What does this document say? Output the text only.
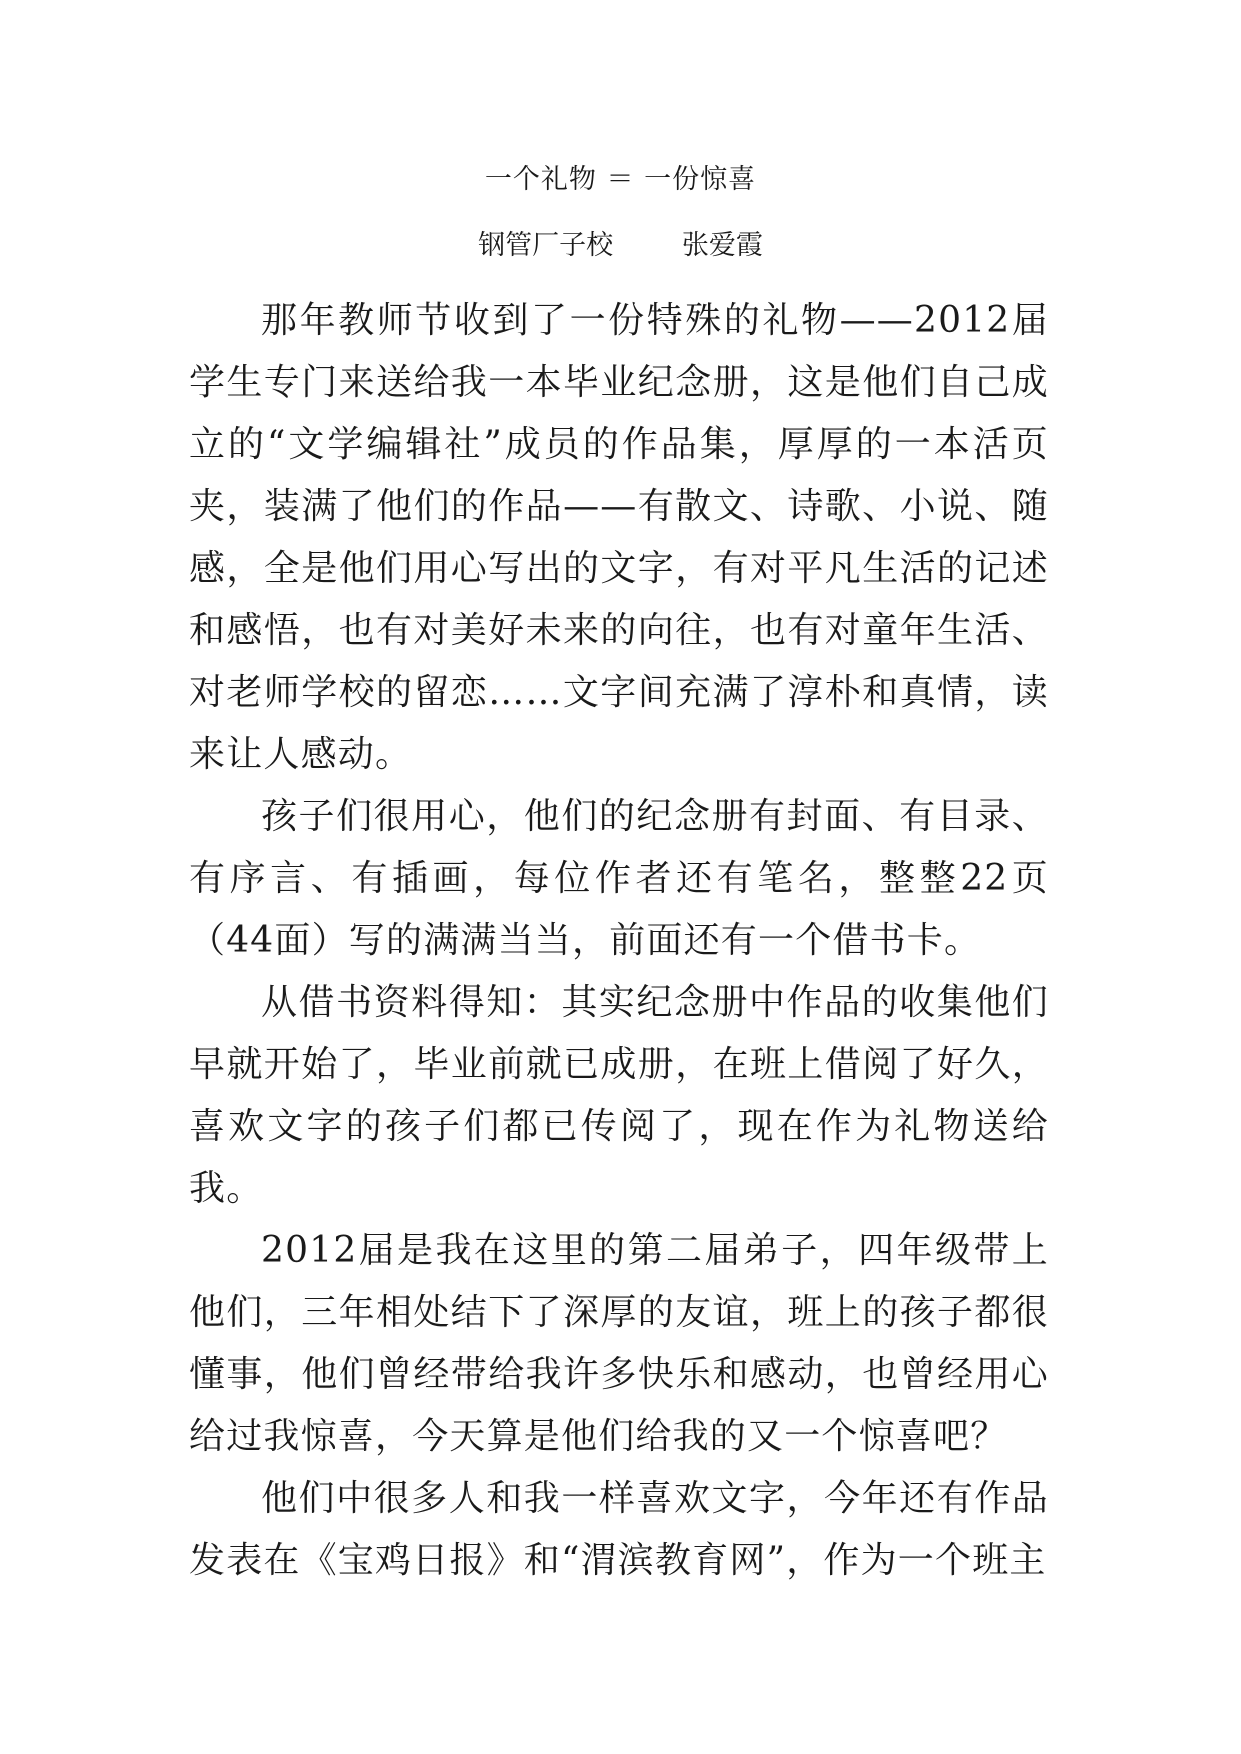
一个礼物 ＝ 一份惊喜
钢管厂子校        张爱霞

那年教师节收到了一份特殊的礼物——2012届学生专门来送给我一本毕业纪念册，这是他们自己成立的“文学编辑社”成员的作品集，厚厚的一本活页夹，装满了他们的作品——有散文、诗歌、小说、随感，全是他们用心写出的文字，有对平凡生活的记述和感悟，也有对美好未来的向往，也有对童年生活、对老师学校的留恋……文字间充满了淳朴和真情，读来让人感动。

孩子们很用心，他们的纪念册有封面、有目录、有序言、有插画，每位作者还有笔名，整整22页（44面）写的满满当当，前面还有一个借书卡。

从借书资料得知：其实纪念册中作品的收集他们早就开始了，毕业前就已成册，在班上借阅了好久，喜欢文字的孩子们都已传阅了，现在作为礼物送给我。

2012届是我在这里的第二届弟子，四年级带上他们，三年相处结下了深厚的友谊，班上的孩子都很懂事，他们曾经带给我许多快乐和感动，也曾经用心给过我惊喜，今天算是他们给我的又一个惊喜吧？

他们中很多人和我一样喜欢文字，今年还有作品发表在《宝鸡日报》和“渭滨教育网”，作为一个班主
